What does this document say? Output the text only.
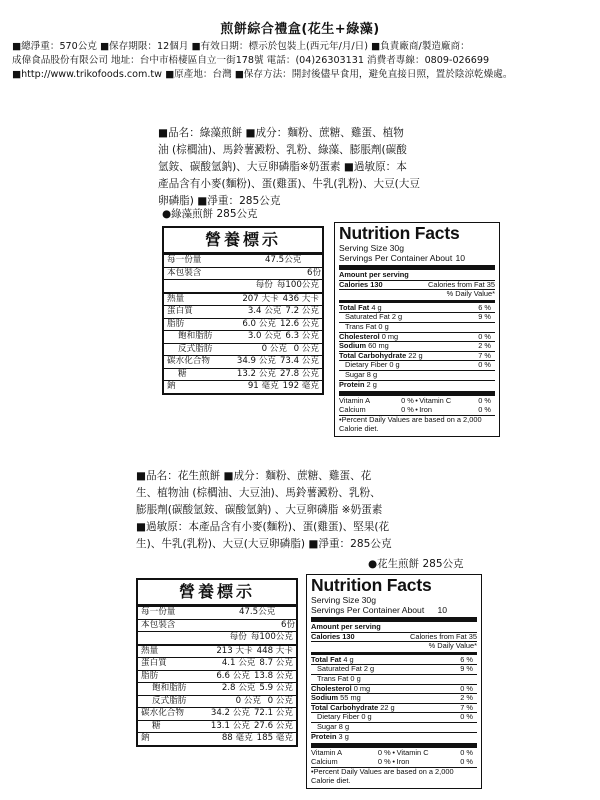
煎餅綜合禮盒(花生+綠藻)
■總淨重：570公克 ■保存期限：12個月 ■有效日期：標示於包裝上(西元年/月/日) ■負責廠商/製造廠商：
成偉食品股份有限公司 地址：台中市梧棲區自立一街178號 電話：(04)26303131 消費者專線：0809-026699
■http://www.trikofoods.com.tw ■原產地：台灣 ■保存方法：開封後儘早食用，避免直接日照，置於陰涼乾燥處。
■品名：綠藻煎餅 ■成分：麵粉、蔗糖、雞蛋、植物
油 (棕櫚油)、馬鈴薯澱粉、乳粉、綠藻、膨脹劑(碳酸
氫銨、碳酸氫鈉)、大豆卵磷脂※奶蛋素 ■過敏原：本
產品含有小麥(麵粉)、蛋(雞蛋)、牛乳(乳粉)、大豆(大豆
卵磷脂) ■淨重：285公克
●綠藻煎餅 285公克
營養標示
每一份量	47.5公克
本包裝含	6份
每份 每100公克
熱量	207 大卡 436 大卡
蛋白質	3.4 公克 7.2 公克
脂肪	6.0 公克 12.6 公克
飽和脂肪	3.0 公克 6.3 公克
反式脂肪	0 公克 0 公克
碳水化合物	34.9 公克 73.4 公克
糖	13.2 公克 27.8 公克
鈉	91 毫克 192 毫克
Nutrition Facts
Serving Size 30g
Servings Per Container About 10
Amount per serving
Calories 130	Calories from Fat 35
% Daily Value*
Total Fat 4 g	6 %
Saturated Fat 2 g	9 %
Trans Fat 0 g
Cholesterol 0 mg	0 %
Sodium 60 mg	2 %
Total Carbohydrate 22 g	7 %
Dietary Fiber 0 g	0 %
Sugar 8 g
Protein 2 g
Vitamin A	0 % • Vitamin C	0 %
Calcium	0 % • Iron	0 %
•Percent Daily Values are based on a 2,000 Calorie diet.
■品名：花生煎餅 ■成分：麵粉、蔗糖、雞蛋、花
生、植物油 (棕櫚油、大豆油)、馬鈴薯澱粉、乳粉、
膨脹劑(碳酸氫銨、碳酸氫鈉) 、大豆卵磷脂 ※奶蛋素
■過敏原：本產品含有小麥(麵粉)、蛋(雞蛋)、堅果(花
生)、牛乳(乳粉)、大豆(大豆卵磷脂) ■淨重：285公克
●花生煎餅 285公克
營養標示
每一份量	47.5公克
本包裝含	6份
每份 每100公克
熱量	213 大卡 448 大卡
蛋白質	4.1 公克 8.7 公克
脂肪	6.6 公克 13.8 公克
飽和脂肪	2.8 公克 5.9 公克
反式脂肪	0 公克 0 公克
碳水化合物	34.2 公克 72.1 公克
糖	13.1 公克 27.6 公克
鈉	88 毫克 185 毫克
Nutrition Facts
Serving Size 30g
Servings Per Container About 10
Amount per serving
Calories 130	Calories from Fat 35
% Daily Value*
Total Fat 4 g	6 %
Saturated Fat 2 g	9 %
Trans Fat 0 g
Cholesterol 0 mg	0 %
Sodium 55 mg	2 %
Total Carbohydrate 22 g	7 %
Dietary Fiber 0 g	0 %
Sugar 8 g
Protein 3 g
Vitamin A	0 % • Vitamin C	0 %
Calcium	0 % • Iron	0 %
•Percent Daily Values are based on a 2,000 Calorie diet.
